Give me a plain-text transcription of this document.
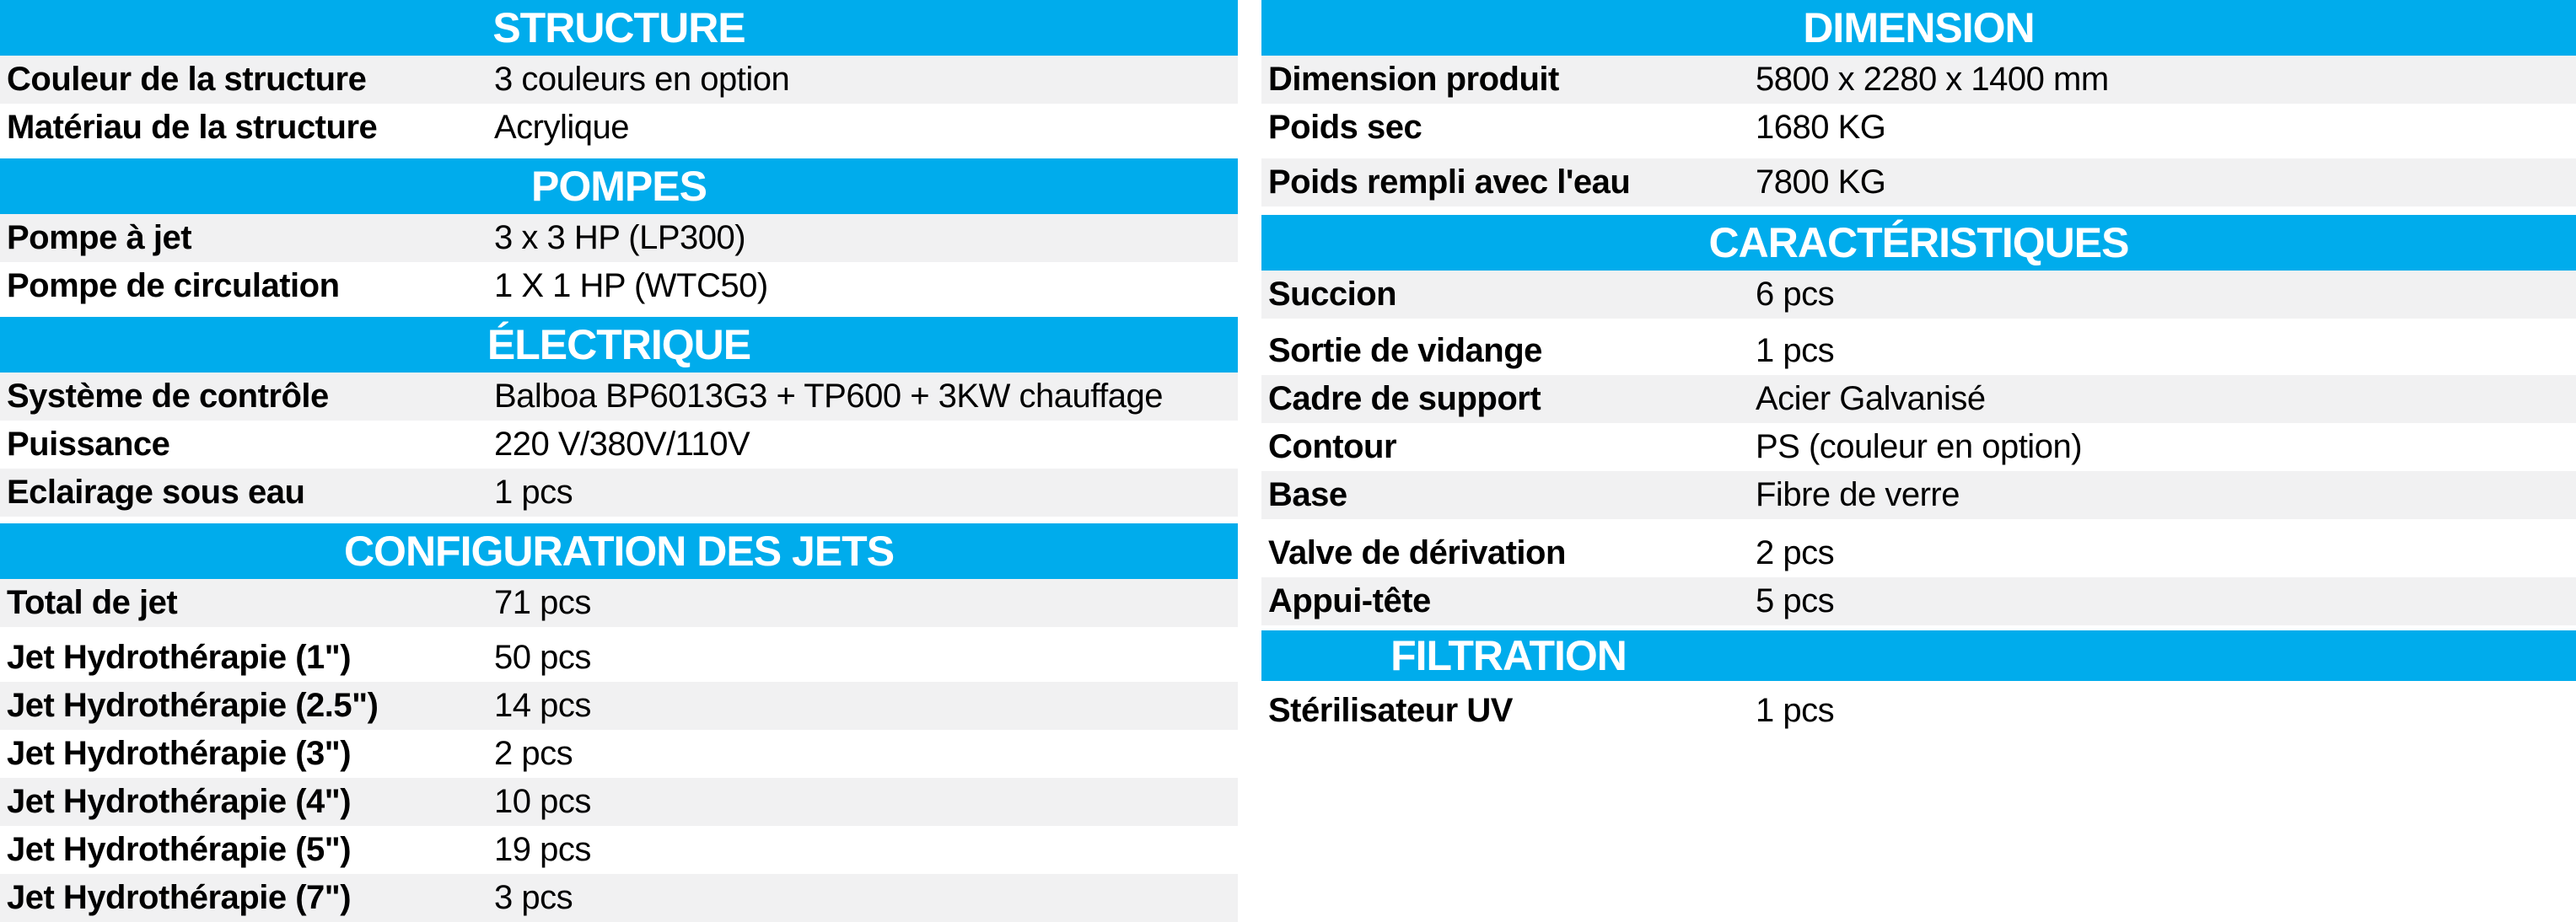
STRUCTURE
Couleur de la structure	3 couleurs en option
Matériau de la structure	Acrylique
POMPES
Pompe à jet	3 x 3 HP (LP300)
Pompe de circulation	1 X 1 HP (WTC50)
ÉLECTRIQUE
Système de contrôle	Balboa BP6013G3 + TP600 + 3KW chauffage
Puissance	220 V/380V/110V
Eclairage sous eau	1 pcs
CONFIGURATION DES JETS
Total de jet	71 pcs
Jet Hydrothérapie (1")	50 pcs
Jet Hydrothérapie (2.5")	14 pcs
Jet Hydrothérapie (3")	2 pcs
Jet Hydrothérapie (4")	10 pcs
Jet Hydrothérapie (5")	19 pcs
Jet Hydrothérapie (7")	3 pcs
DIMENSION
Dimension produit	5800 x 2280 x 1400 mm
Poids sec	1680 KG
Poids rempli avec l'eau	7800 KG
CARACTÉRISTIQUES
Succion	6 pcs
Sortie de vidange	1 pcs
Cadre de support	Acier Galvanisé
Contour	PS (couleur en option)
Base	Fibre de verre
Valve de dérivation	2 pcs
Appui-tête	5 pcs
FILTRATION
Stérilisateur UV	1 pcs
